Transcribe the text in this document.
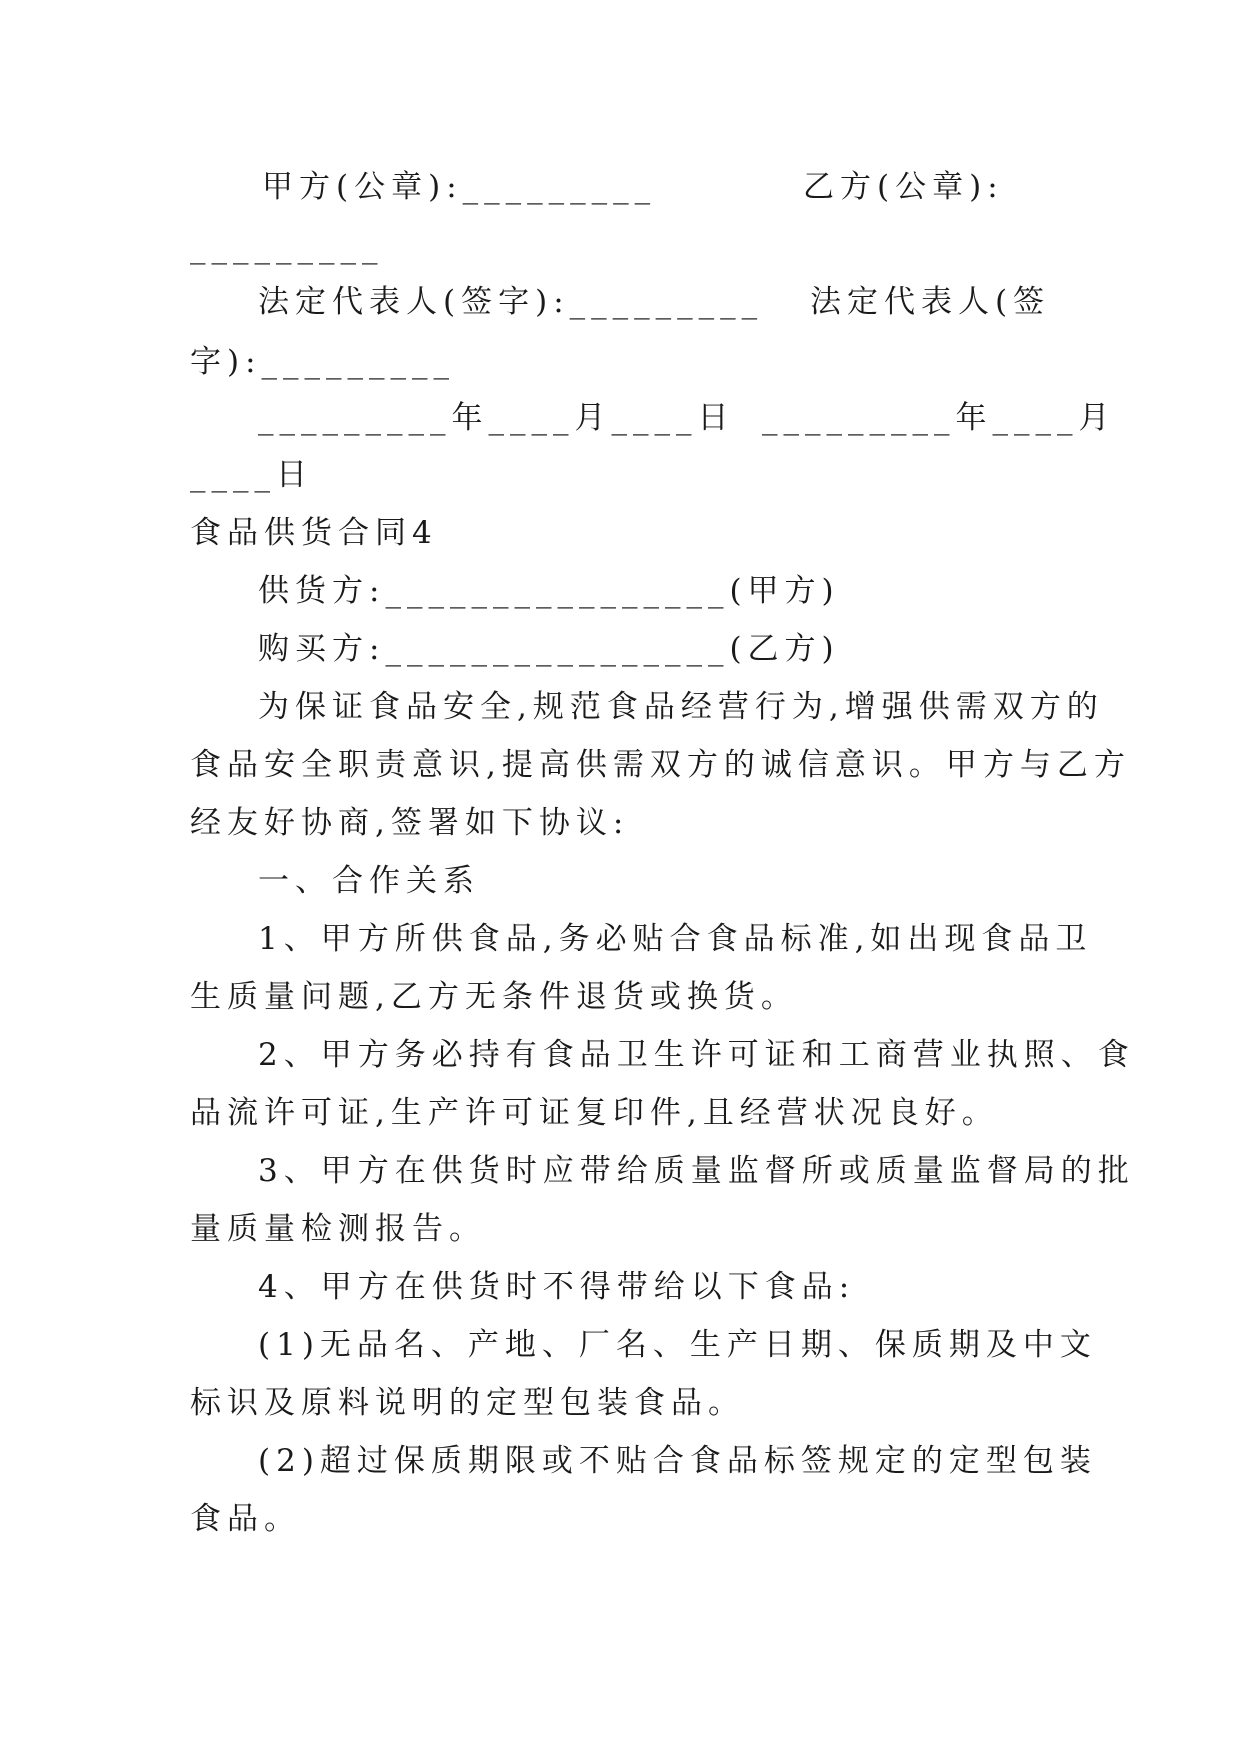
甲方(公章):_________	乙方(公章):
_________
法定代表人(签字):_________ 法定代表人(签
字):_________
_________年____月____日 _________年____月
____日
食品供货合同4
供货方:________________(甲方)
购买方:________________(乙方)
为保证食品安全,规范食品经营行为,增强供需双方的
食品安全职责意识,提高供需双方的诚信意识。甲方与乙方
经友好协商,签署如下协议:
一、合作关系
1、甲方所供食品,务必贴合食品标准,如出现食品卫
生质量问题,乙方无条件退货或换货。
2、甲方务必持有食品卫生许可证和工商营业执照、食
品流许可证,生产许可证复印件,且经营状况良好。
3、甲方在供货时应带给质量监督所或质量监督局的批
量质量检测报告。
4、甲方在供货时不得带给以下食品:
(1)无品名、产地、厂名、生产日期、保质期及中文
标识及原料说明的定型包装食品。
(2)超过保质期限或不贴合食品标签规定的定型包装
食品。
